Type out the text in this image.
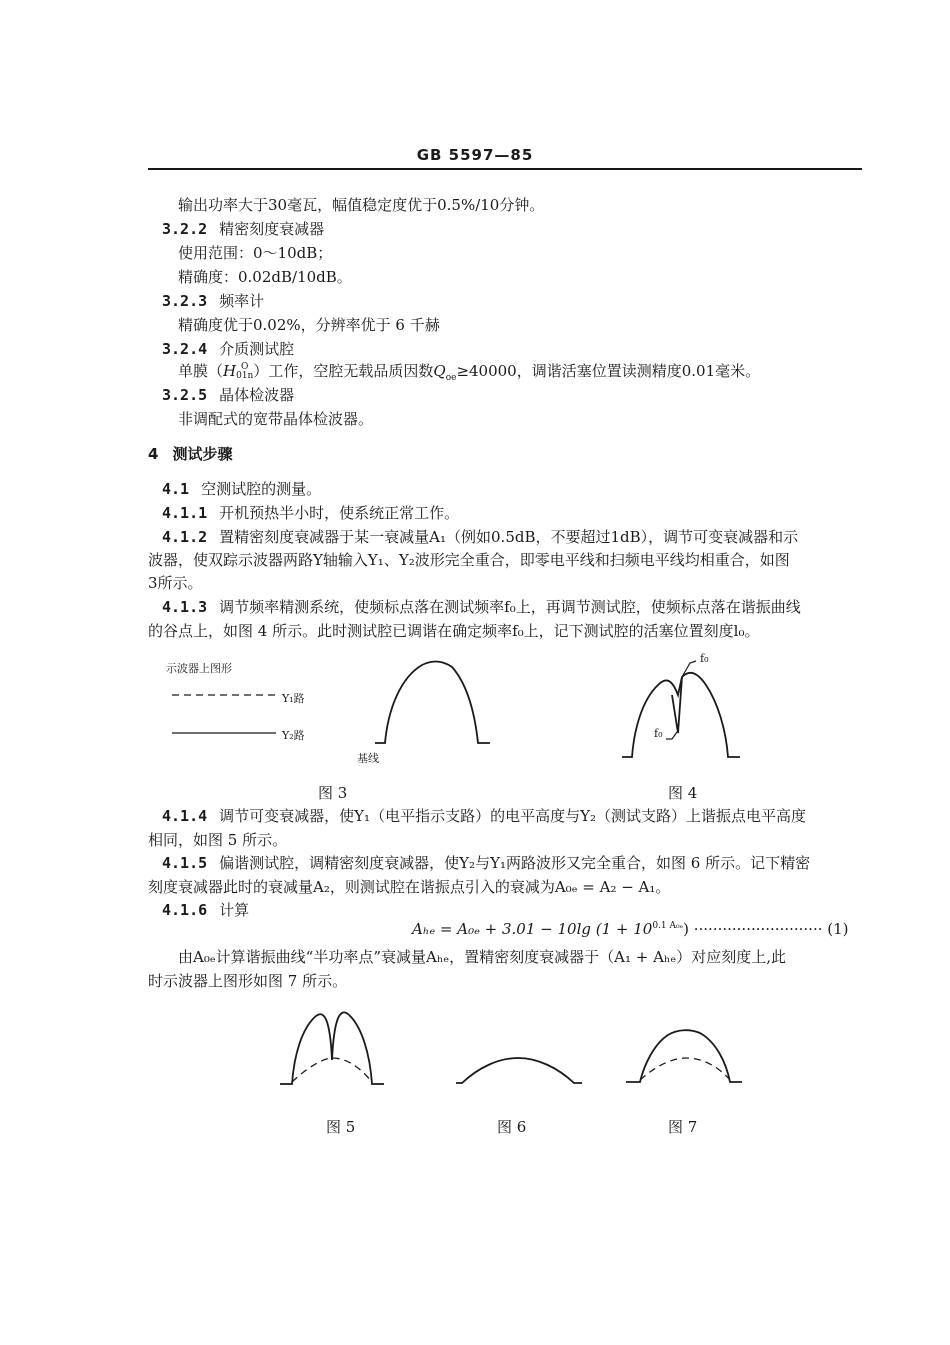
GB 5597—85
输出功率大于30毫瓦，幅值稳定度优于0.5%/10分钟。
3.2.2 精密刻度衰减器
使用范围：0～10dB；
精确度：0.02dB/10dB。
3.2.3 频率计
精确度优于0.02%，分辨率优于 6 千赫
3.2.4 介质测试腔
单膜（H O
01n ）工作，空腔无载品质因数$Q_{oe}\ge 40000$，调谐活塞位置读测精度0.01毫米。
3.2.5 晶体检波器
非调配式的宽带晶体检波器。
4 测试步骤
4.1 空测试腔的测量。
4.1.1 开机预热半小时，使系统正常工作。
4.1.2 置精密刻度衰减器于某一衰减量A₁（例如0.5dB，不要超过1dB），调节可变衰减器和示
波器，使双踪示波器两路Y轴输入Y₁、Y₂波形完全重合，即零电平线和扫频电平线均相重合，如图
3所示。
4.1.3 调节频率精测系统，使频标点落在测试频率f₀上，再调节测试腔，使频标点落在谐振曲线
的谷点上，如图 4 所示。此时测试腔已调谐在确定频率f₀上，记下测试腔的活塞位置刻度l₀。
示波器上图形
Y₁路
Y₂路
基线
f₀
f₀
图 3	图 4
4.1.4 调节可变衰减器，使Y₁（电平指示支路）的电平高度与Y₂（测试支路）上谐振点电平高度
相同，如图 5 所示。
4.1.5 偏谐测试腔，调精密刻度衰减器，使Y₂与Y₁两路波形又完全重合，如图 6 所示。记下精密
刻度衰减器此时的衰减量A₂，则测试腔在谐振点引入的衰减为A₀ₑ = A₂ − A₁。
4.1.6 计算
Aₕₑ = A₀ₑ + 3.01 − 10lg $(1 + 10^{0.1 A_{0e}})$ ··························· (1)
由A₀ₑ计算谐振曲线“半功率点”衰减量Aₕₑ，置精密刻度衰减器于（A₁ + Aₕₑ）对应刻度上,此
时示波器上图形如图 7 所示。
图 5	图 6	图 7
